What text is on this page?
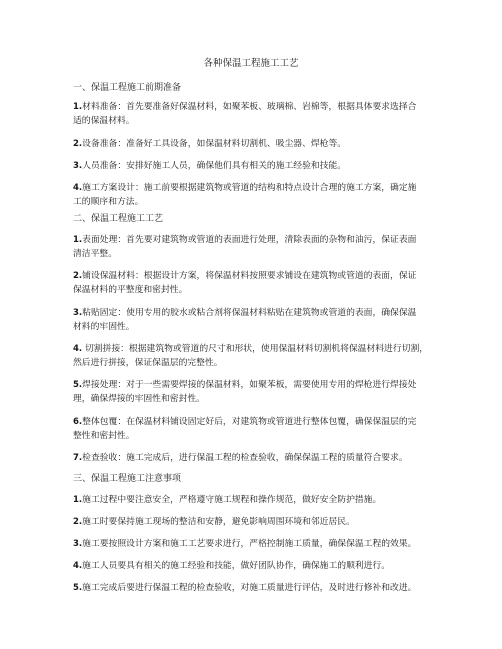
各种保温工程施工工艺
一、保温工程施工前期准备
1.材料准备：首先要准备好保温材料，如聚苯板、玻璃棉、岩棉等，根据具体要求选择合
适的保温材料。
2.设备准备：准备好工具设备，如保温材料切割机、吸尘器、焊枪等。
3.人员准备：安排好施工人员，确保他们具有相关的施工经验和技能。
4.施工方案设计：施工前要根据建筑物或管道的结构和特点设计合理的施工方案，确定施
工的顺序和方法。
二、保温工程施工工艺
1.表面处理：首先要对建筑物或管道的表面进行处理，清除表面的杂物和油污，保证表面
清洁平整。
2.铺设保温材料：根据设计方案，将保温材料按照要求铺设在建筑物或管道的表面，保证
保温材料的平整度和密封性。
3.粘贴固定：使用专用的胶水或粘合剂将保温材料粘贴在建筑物或管道的表面，确保保温
材料的牢固性。
4. 切割拼接：根据建筑物或管道的尺寸和形状，使用保温材料切割机将保温材料进行切割，
然后进行拼接，保证保温层的完整性。
5.焊接处理：对于一些需要焊接的保温材料，如聚苯板，需要使用专用的焊枪进行焊接处
理，确保焊接的牢固性和密封性。
6.整体包覆：在保温材料铺设固定好后，对建筑物或管道进行整体包覆，确保保温层的完
整性和密封性。
7.检查验收：施工完成后，进行保温工程的检查验收，确保保温工程的质量符合要求。
三、保温工程施工注意事项
1.施工过程中要注意安全，严格遵守施工规程和操作规范，做好安全防护措施。
2.施工时要保持施工现场的整洁和安静，避免影响周围环境和邻近居民。
3.施工要按照设计方案和施工工艺要求进行，严格控制施工质量，确保保温工程的效果。
4.施工人员要具有相关的施工经验和技能，做好团队协作，确保施工的顺利进行。
5.施工完成后要进行保温工程的检查验收，对施工质量进行评估，及时进行修补和改进。
